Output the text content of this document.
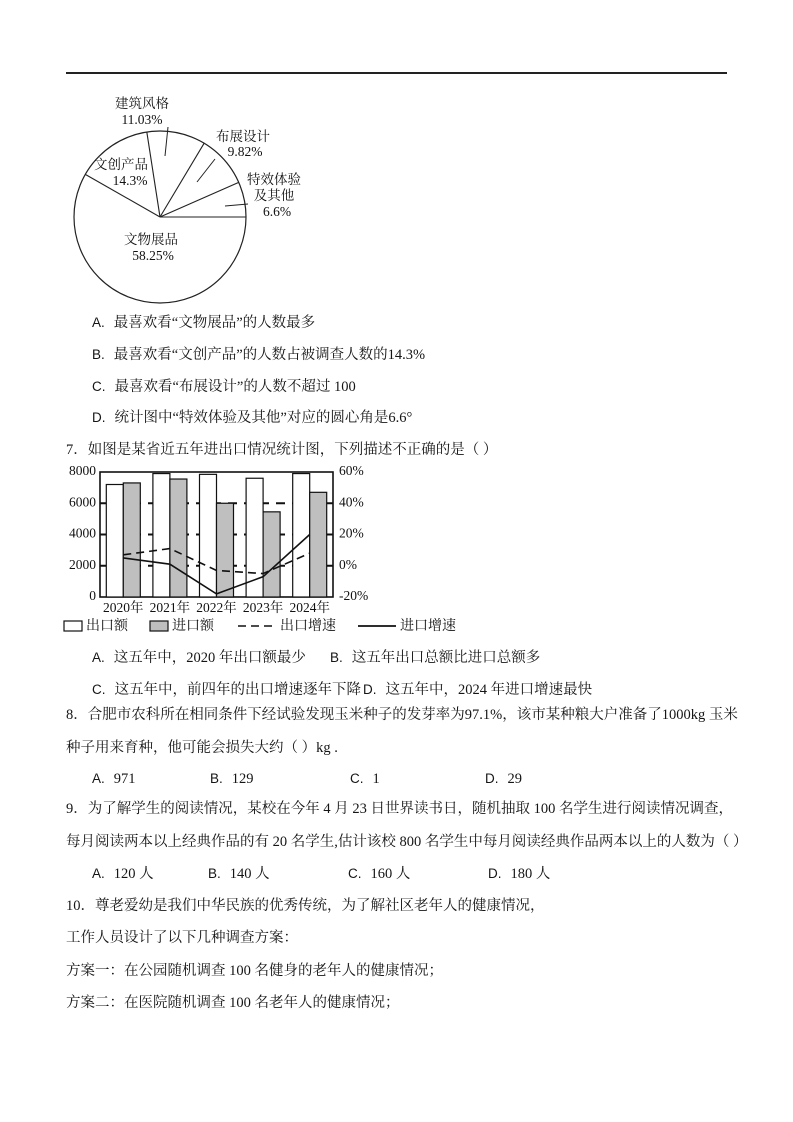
文物展品
58.25%
文创产品
14.3%
建筑风格
11.03%
布展设计
9.82%
特效体验
及其他
6.6%
A. 最喜欢看“文物展品”的人数最多
B. 最喜欢看“文创产品”的人数占被调查人数的14.3%
C. 最喜欢看“布展设计”的人数不超过 100
D. 统计图中“特效体验及其他”对应的圆心角是6.6°
7．如图是某省近五年进出口情况统计图，下列描述不正确的是（ ）
8000
6000
4000
2000
0
60%
40%
20%
0%
-20%
2020年 2021年 2022年 2023年 2024年
出口额	进口额	出口增速	进口增速
A. 这五年中，2020 年出口额最少 B. 这五年出口总额比进口总额多
C. 这五年中，前四年的出口增速逐年下降 D. 这五年中，2024 年进口增速最快
8．合肥市农科所在相同条件下经试验发现玉米种子的发芽率为97.1%，该市某种粮大户准备了1000kg 玉米
种子用来育种，他可能会损失大约（ ）kg .
A. 971	B. 129	C. 1	D. 29
9．为了解学生的阅读情况，某校在今年 4 月 23 日世界读书日，随机抽取 100 名学生进行阅读情况调查，
每月阅读两本以上经典作品的有 20 名学生,估计该校 800 名学生中每月阅读经典作品两本以上的人数为（ ）
A. 120 人	B. 140 人	C. 160 人	D. 180 人
10．尊老爱幼是我们中华民族的优秀传统，为了解社区老年人的健康情况，
工作人员设计了以下几种调查方案：
方案一：在公园随机调查 100 名健身的老年人的健康情况；
方案二：在医院随机调查 100 名老年人的健康情况；
